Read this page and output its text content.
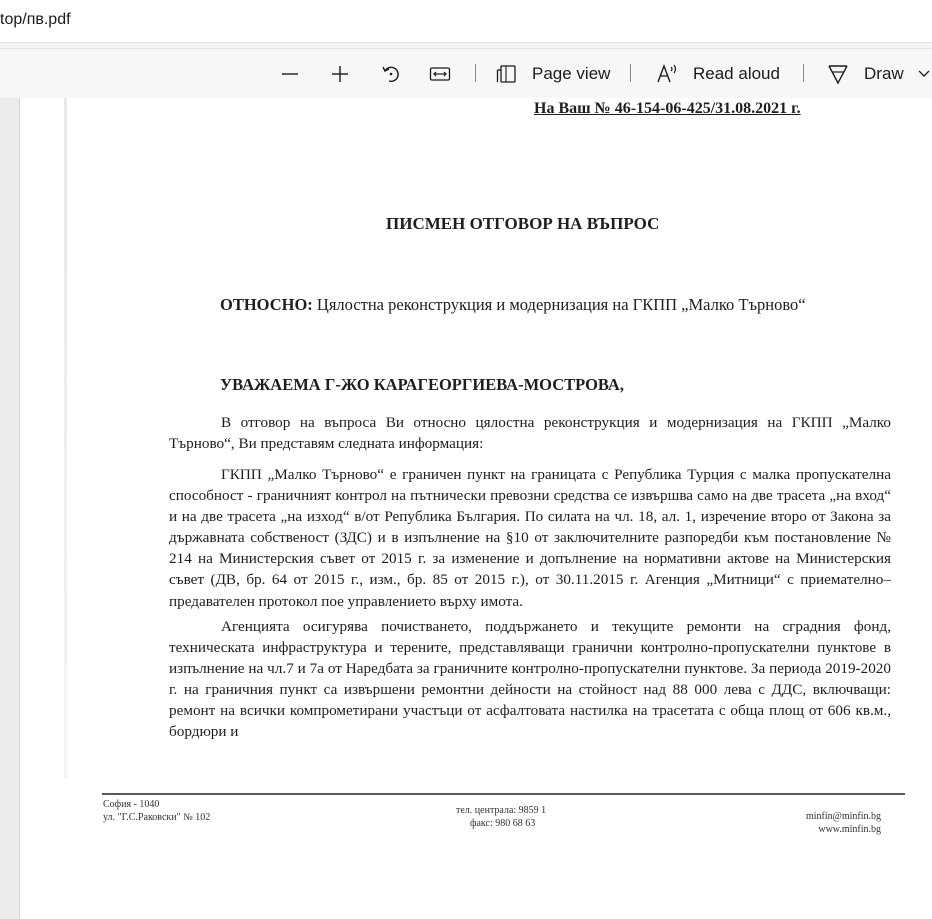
top/пв.pdf
Page view	Read aloud	Draw
На Ваш № 46-154-06-425/31.08.2021 г.
ПИСМЕН ОТГОВОР НА ВЪПРОС
ОТНОСНО: Цялостна реконструкция и модернизация на ГКПП „Малко Търново“
УВАЖАЕМА Г-ЖО КАРАГЕОРГИЕВА-МОСТРОВА,
В отговор на въпроса Ви относно цялостна реконструкция и модернизация на ГКПП „Малко Търново“, Ви представям следната информация:
ГКПП „Малко Търново“ е граничен пункт на границата с Република Турция с малка пропускателна способност - граничният контрол на пътнически превозни средства се извършва само на две трасета „на вход“ и на две трасета „на изход“ в/от Република България. По силата на чл. 18, ал. 1, изречение второ от Закона за държавната собственост (ЗДС) и в изпълнение на §10 от заключителните разпоредби към постановление № 214 на Министерския съвет от 2015 г. за изменение и допълнение на нормативни актове на Министерския съвет (ДВ, бр. 64 от 2015 г., изм., бр. 85 от 2015 г.), от 30.11.2015 г. Агенция „Митници“ с приемателно–предавателен протокол пое управлението върху имота.
Агенцията осигурява почистването, поддържането и текущите ремонти на сградния фонд, техническата инфраструктура и терените, представляващи гранични контролно-пропускателни пунктове в изпълнение на чл.7 и 7а от Наредбата за граничните контролно-пропускателни пунктове. За периода 2019-2020 г. на граничния пункт са извършени ремонтни дейности на стойност над 88 000 лева с ДДС, включващи: ремонт на всички компрометирани участъци от асфалтовата настилка на трасетата с обща площ от 606 кв.м., бордюри и
София - 1040
ул. "Г.С.Раковски" № 102
тел. централа: 9859 1
факс: 980 68 63
minfin@minfin.bg
www.minfin.bg
